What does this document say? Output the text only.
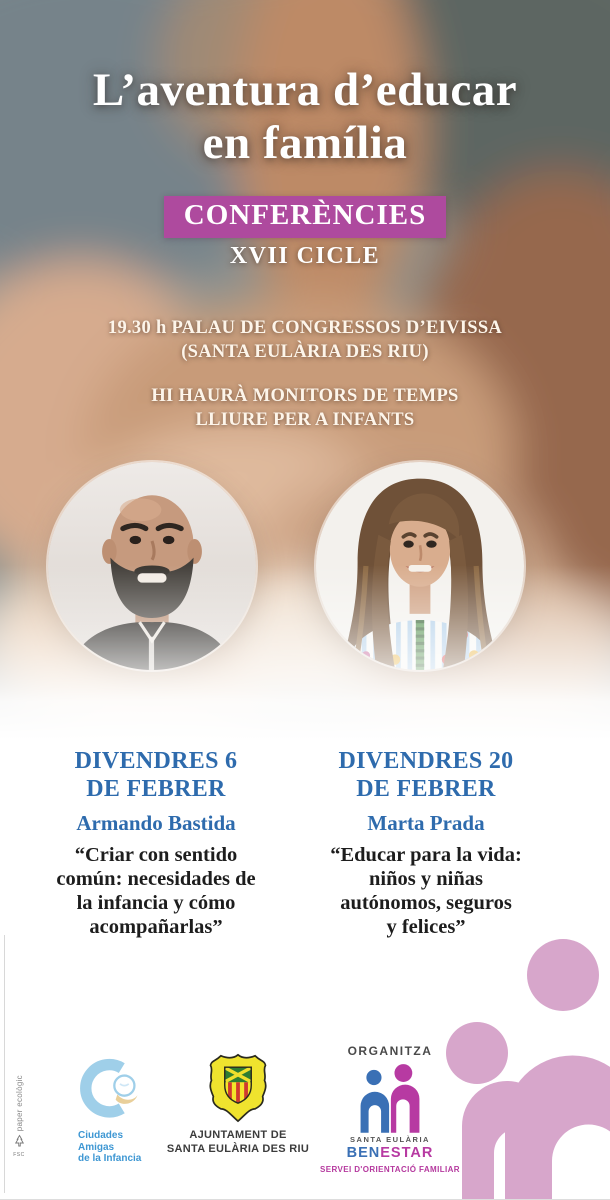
L’aventura d’educar
en família
CONFERÈNCIES
XVII CICLE
19.30 h PALAU DE CONGRESSOS D’EIVISSA
(SANTA EULÀRIA DES RIU)
HI HAURÀ MONITORS DE TEMPS
LLIURE PER A INFANTS
DIVENDRES 6
DE FEBRER
Armando Bastida
“Criar con sentido
común: necesidades de
la infancia y cómo
acompañarlas”
DIVENDRES 20
DE FEBRER
Marta Prada
“Educar para la vida:
niños y niñas
autónomos, seguros
y felices”
Ciudades
Amigas
de la Infancia
AJUNTAMENT DE
SANTA EULÀRIA DES RIU
ORGANITZA
SANTA EULÀRIA
BENESTAR
SERVEI D'ORIENTACIÓ FAMILIAR
paper ecològic
FSC
